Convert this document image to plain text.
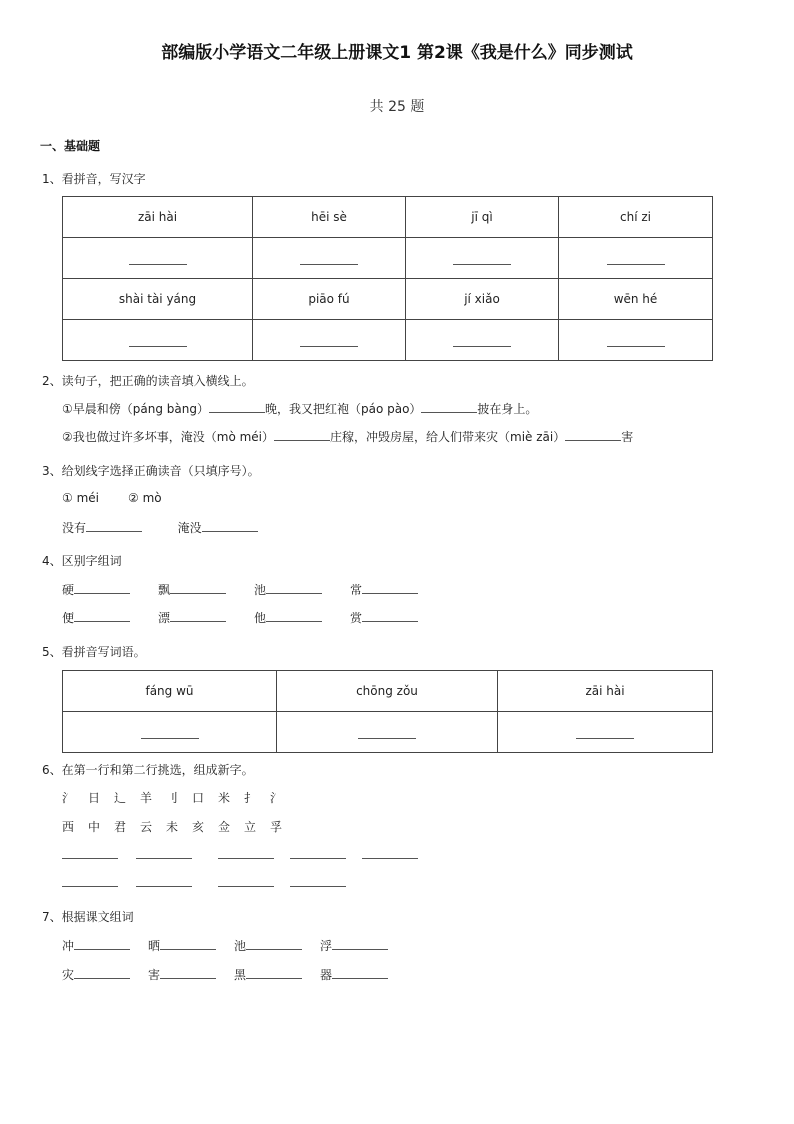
部编版小学语文二年级上册课文1 第2课《我是什么》同步测试
共 25 题
一、基础题
1、看拼音，写汉字
zāi hài	hēi sè	jī qì	chí zi

shài tài yáng	piāo fú	jí xiǎo	wēn hé

2、读句子，把正确的读音填入横线上。
①早晨和傍（páng bàng）	晚，我又把红袍（páo pào）	披在身上。
②我也做过许多坏事，淹没（mò méi）	庄稼，冲毁房屋，给人们带来灾（miè zāi）	害
3、给划线字选择正确读音（只填序号）。
① méi ② mò
没有	淹没
4、区别字组词
硬	飘	池	常
便	漂	他	赏
5、看拼音写词语。
fáng wū	chōng zǒu	zāi hài

6、在第一行和第二行挑选，组成新字。
氵 日 辶 羊 刂 口 米 扌 氵
西 中 君 云 未 亥 佥 立 孚
7、根据课文组词
冲	晒	池	浮
灾	害	黑	器
